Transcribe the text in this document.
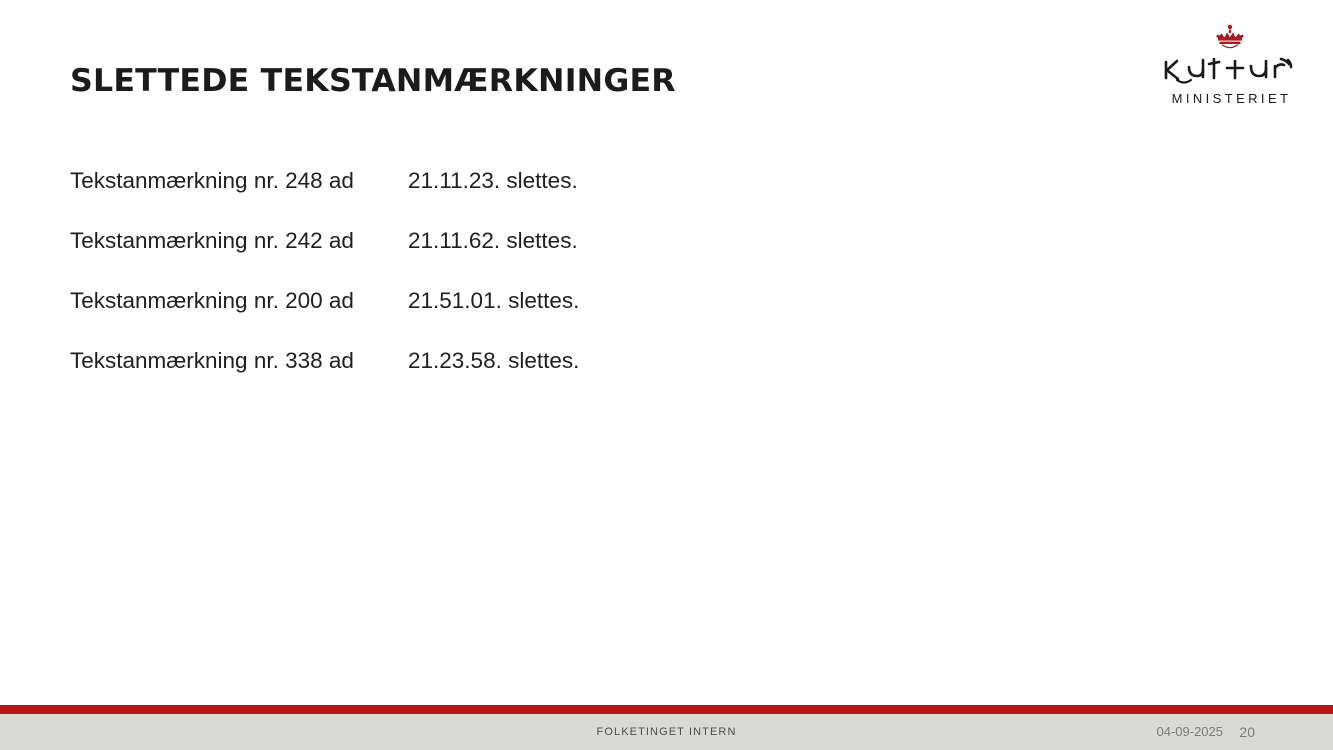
MINISTERIET
SLETTEDE TEKSTANMÆRKNINGER
Tekstanmærkning nr. 248 ad	21.11.23. slettes.
Tekstanmærkning nr. 242 ad	21.11.62. slettes.
Tekstanmærkning nr. 200 ad	21.51.01. slettes.
Tekstanmærkning nr. 338 ad	21.23.58. slettes.
FOLKETINGET INTERN	04-09-2025 20
